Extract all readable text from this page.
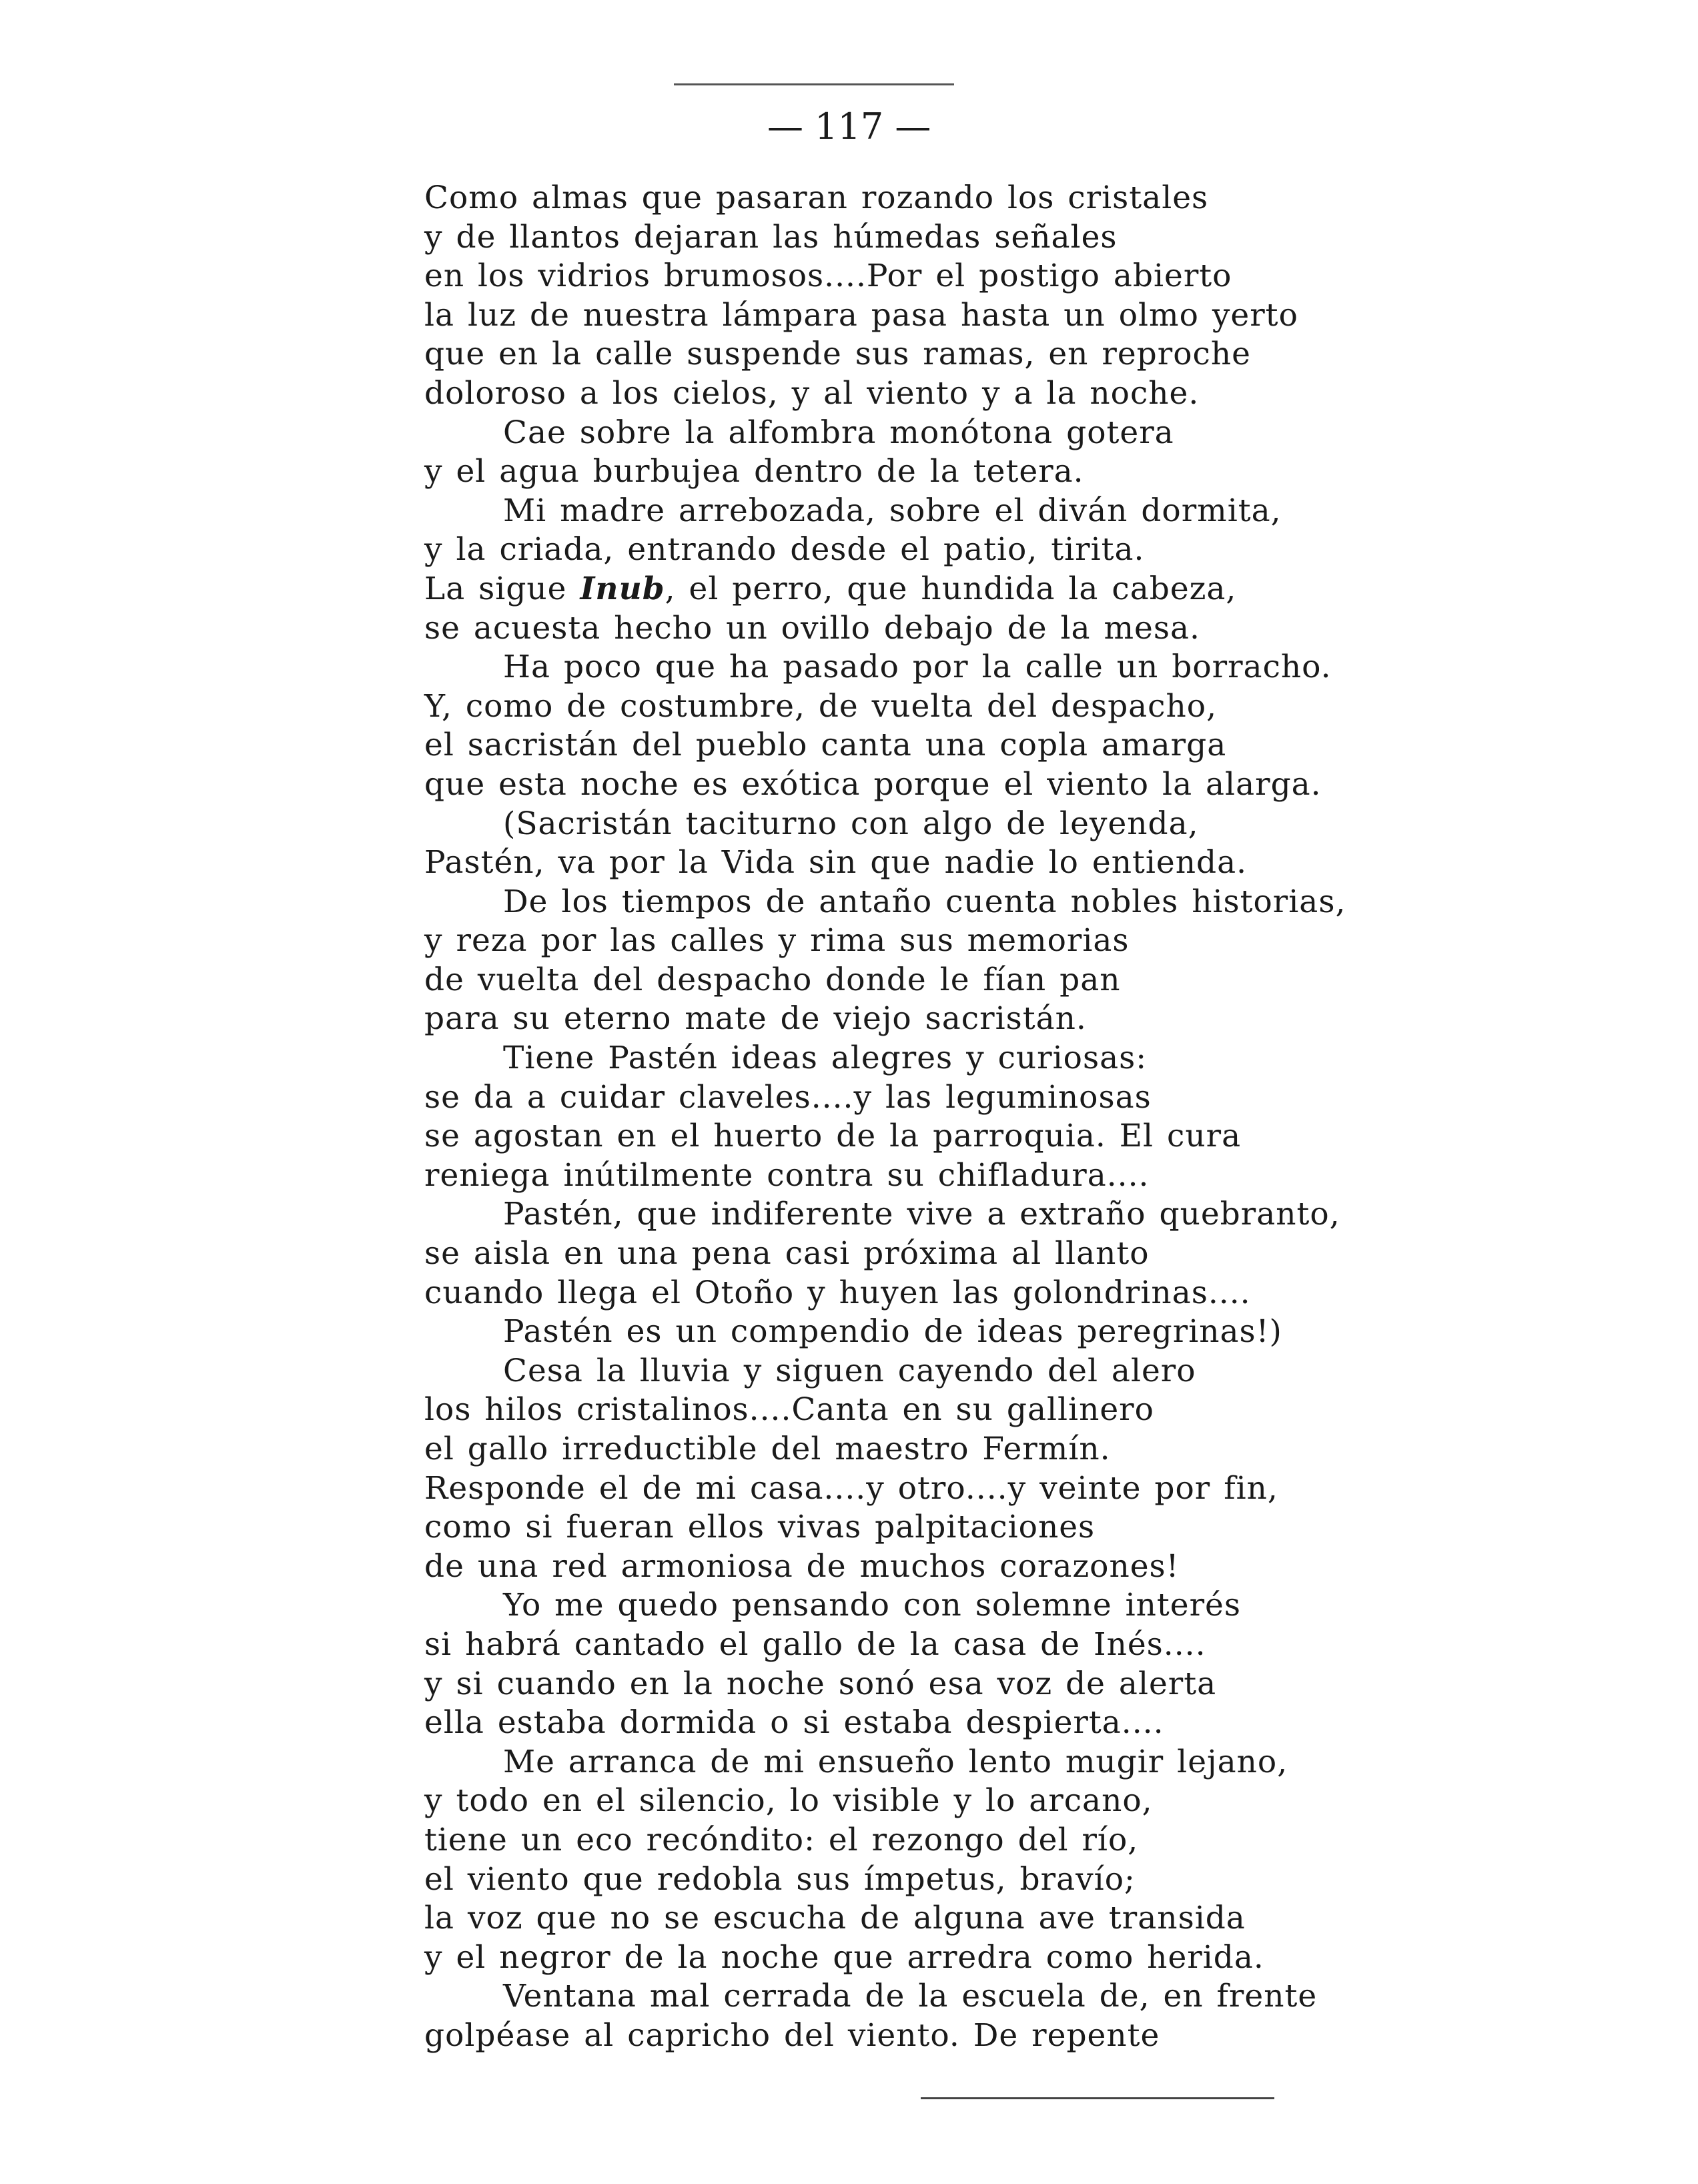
— 117 —
Como almas que pasaran rozando los cristales
y de llantos dejaran las húmedas señales
en los vidrios brumosos....Por el postigo abierto
la luz de nuestra lámpara pasa hasta un olmo yerto
que en la calle suspende sus ramas, en reproche
doloroso a los cielos, y al viento y a la noche.
Cae sobre la alfombra monótona gotera
y el agua burbujea dentro de la tetera.
Mi madre arrebozada, sobre el diván dormita,
y la criada, entrando desde el patio, tirita.
La sigue Inub, el perro, que hundida la cabeza,
se acuesta hecho un ovillo debajo de la mesa.
Ha poco que ha pasado por la calle un borracho.
Y, como de costumbre, de vuelta del despacho,
el sacristán del pueblo canta una copla amarga
que esta noche es exótica porque el viento la alarga.
(Sacristán taciturno con algo de leyenda,
Pastén, va por la Vida sin que nadie lo entienda.
De los tiempos de antaño cuenta nobles historias,
y reza por las calles y rima sus memorias
de vuelta del despacho donde le fían pan
para su eterno mate de viejo sacristán.
Tiene Pastén ideas alegres y curiosas:
se da a cuidar claveles....y las leguminosas
se agostan en el huerto de la parroquia. El cura
reniega inútilmente contra su chifladura....
Pastén, que indiferente vive a extraño quebranto,
se aisla en una pena casi próxima al llanto
cuando llega el Otoño y huyen las golondrinas....
Pastén es un compendio de ideas peregrinas!)
Cesa la lluvia y siguen cayendo del alero
los hilos cristalinos....Canta en su gallinero
el gallo irreductible del maestro Fermín.
Responde el de mi casa....y otro....y veinte por fin,
como si fueran ellos vivas palpitaciones
de una red armoniosa de muchos corazones!
Yo me quedo pensando con solemne interés
si habrá cantado el gallo de la casa de Inés....
y si cuando en la noche sonó esa voz de alerta
ella estaba dormida o si estaba despierta....
Me arranca de mi ensueño lento mugir lejano,
y todo en el silencio, lo visible y lo arcano,
tiene un eco recóndito: el rezongo del río,
el viento que redobla sus ímpetus, bravío;
la voz que no se escucha de alguna ave transida
y el negror de la noche que arredra como herida.
Ventana mal cerrada de la escuela de, en frente
golpéase al capricho del viento. De repente
